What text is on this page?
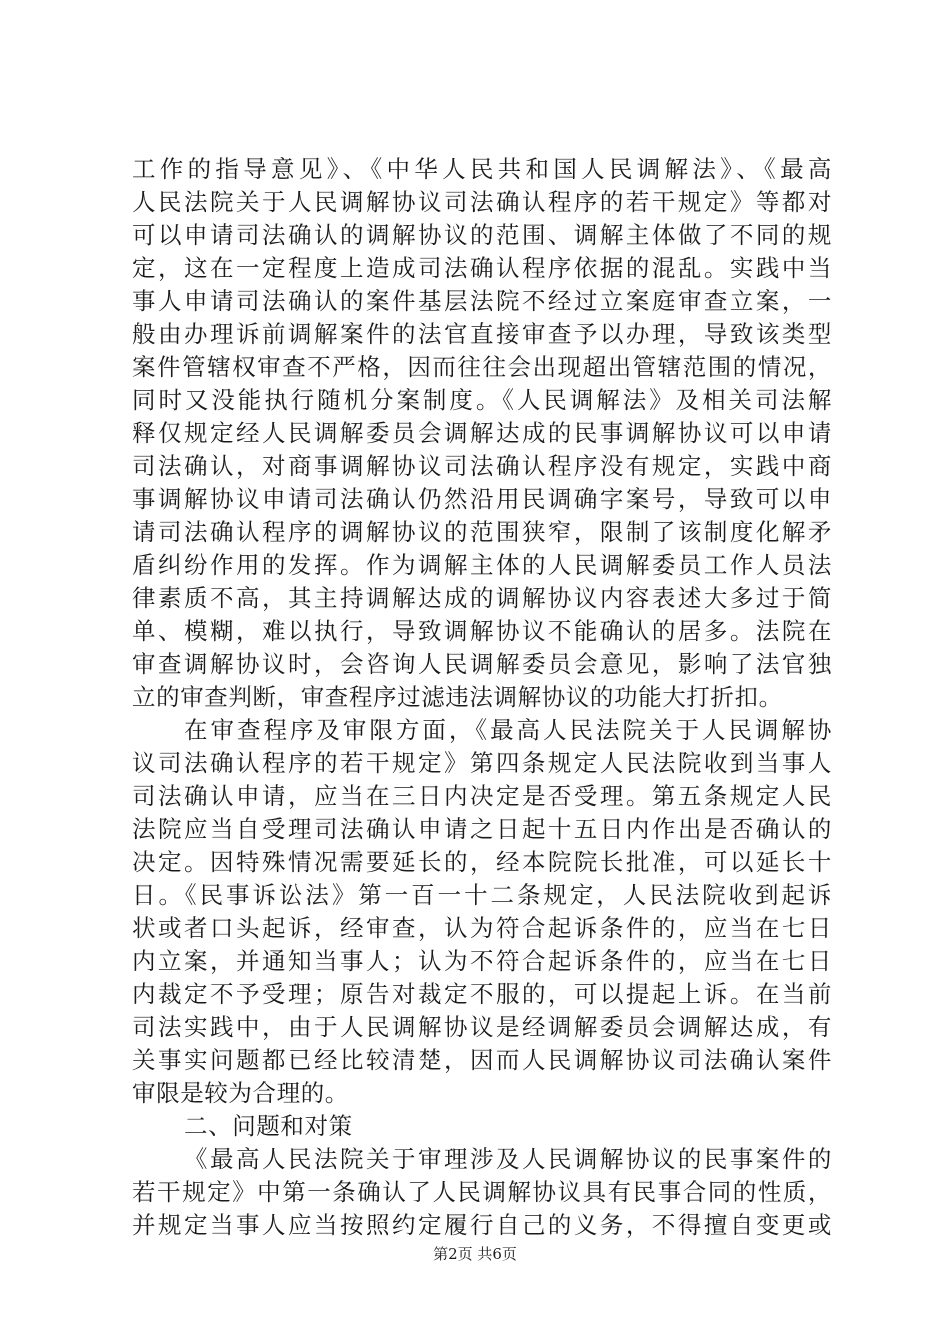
工作的指导意见》、《中华人民共和国人民调解法》、《最高
人民法院关于人民调解协议司法确认程序的若干规定》等都对
可以申请司法确认的调解协议的范围、调解主体做了不同的规
定，这在一定程度上造成司法确认程序依据的混乱。实践中当
事人申请司法确认的案件基层法院不经过立案庭审查立案，一
般由办理诉前调解案件的法官直接审查予以办理，导致该类型
案件管辖权审查不严格，因而往往会出现超出管辖范围的情况，
同时又没能执行随机分案制度。《人民调解法》及相关司法解
释仅规定经人民调解委员会调解达成的民事调解协议可以申请
司法确认，对商事调解协议司法确认程序没有规定，实践中商
事调解协议申请司法确认仍然沿用民调确字案号，导致可以申
请司法确认程序的调解协议的范围狭窄，限制了该制度化解矛
盾纠纷作用的发挥。作为调解主体的人民调解委员工作人员法
律素质不高，其主持调解达成的调解协议内容表述大多过于简
单、模糊，难以执行，导致调解协议不能确认的居多。法院在
审查调解协议时，会咨询人民调解委员会意见，影响了法官独
立的审查判断，审查程序过滤违法调解协议的功能大打折扣。
在审查程序及审限方面，《最高人民法院关于人民调解协
议司法确认程序的若干规定》第四条规定人民法院收到当事人
司法确认申请，应当在三日内决定是否受理。第五条规定人民
法院应当自受理司法确认申请之日起十五日内作出是否确认的
决定。因特殊情况需要延长的，经本院院长批准，可以延长十
日。《民事诉讼法》第一百一十二条规定，人民法院收到起诉
状或者口头起诉，经审查，认为符合起诉条件的，应当在七日
内立案，并通知当事人；认为不符合起诉条件的，应当在七日
内裁定不予受理；原告对裁定不服的，可以提起上诉。在当前
司法实践中，由于人民调解协议是经调解委员会调解达成，有
关事实问题都已经比较清楚，因而人民调解协议司法确认案件
审限是较为合理的。
二、问题和对策
《最高人民法院关于审理涉及人民调解协议的民事案件的
若干规定》中第一条确认了人民调解协议具有民事合同的性质，
并规定当事人应当按照约定履行自己的义务，不得擅自变更或
第2页 共6页
